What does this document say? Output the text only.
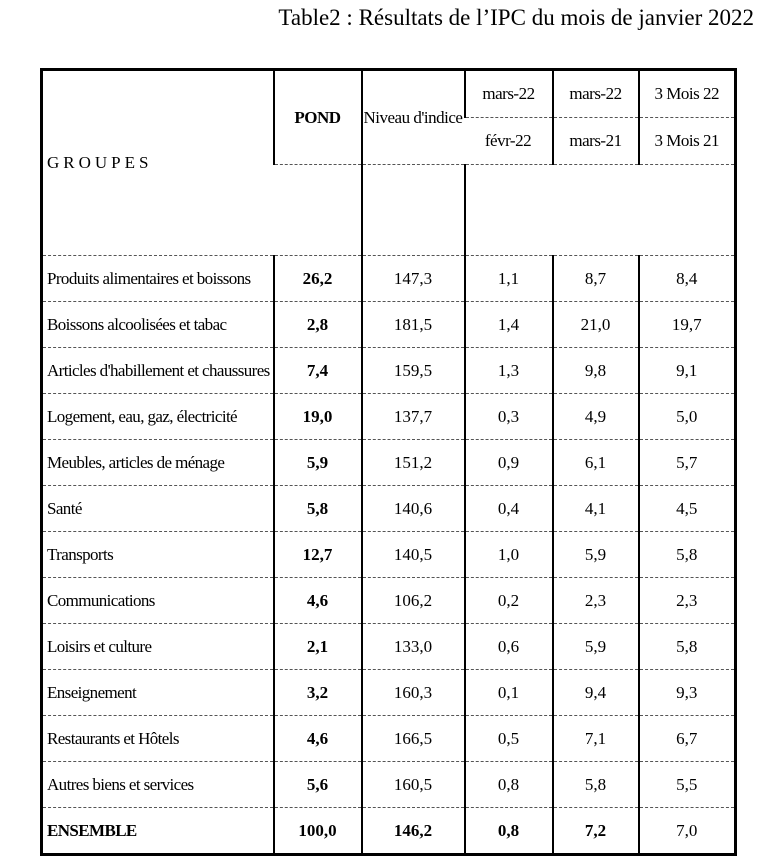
Table2 : Résultats de l’IPC du mois de janvier 2022
GROUPES	POND	Niveau d'indice	mars-22	mars-22	3 Mois 22
			févr-22	mars-21	3 Mois 21

Produits alimentaires et boissons	26,2	147,3	1,1	8,7	8,4
Boissons alcoolisées et tabac	2,8	181,5	1,4	21,0	19,7
Articles d'habillement et chaussures	7,4	159,5	1,3	9,8	9,1
Logement, eau, gaz, électricité	19,0	137,7	0,3	4,9	5,0
Meubles, articles de ménage	5,9	151,2	0,9	6,1	5,7
Santé	5,8	140,6	0,4	4,1	4,5
Transports	12,7	140,5	1,0	5,9	5,8
Communications	4,6	106,2	0,2	2,3	2,3
Loisirs et culture	2,1	133,0	0,6	5,9	5,8
Enseignement	3,2	160,3	0,1	9,4	9,3
Restaurants et Hôtels	4,6	166,5	0,5	7,1	6,7
Autres biens et services	5,6	160,5	0,8	5,8	5,5
ENSEMBLE	100,0	146,2	0,8	7,2	7,0
